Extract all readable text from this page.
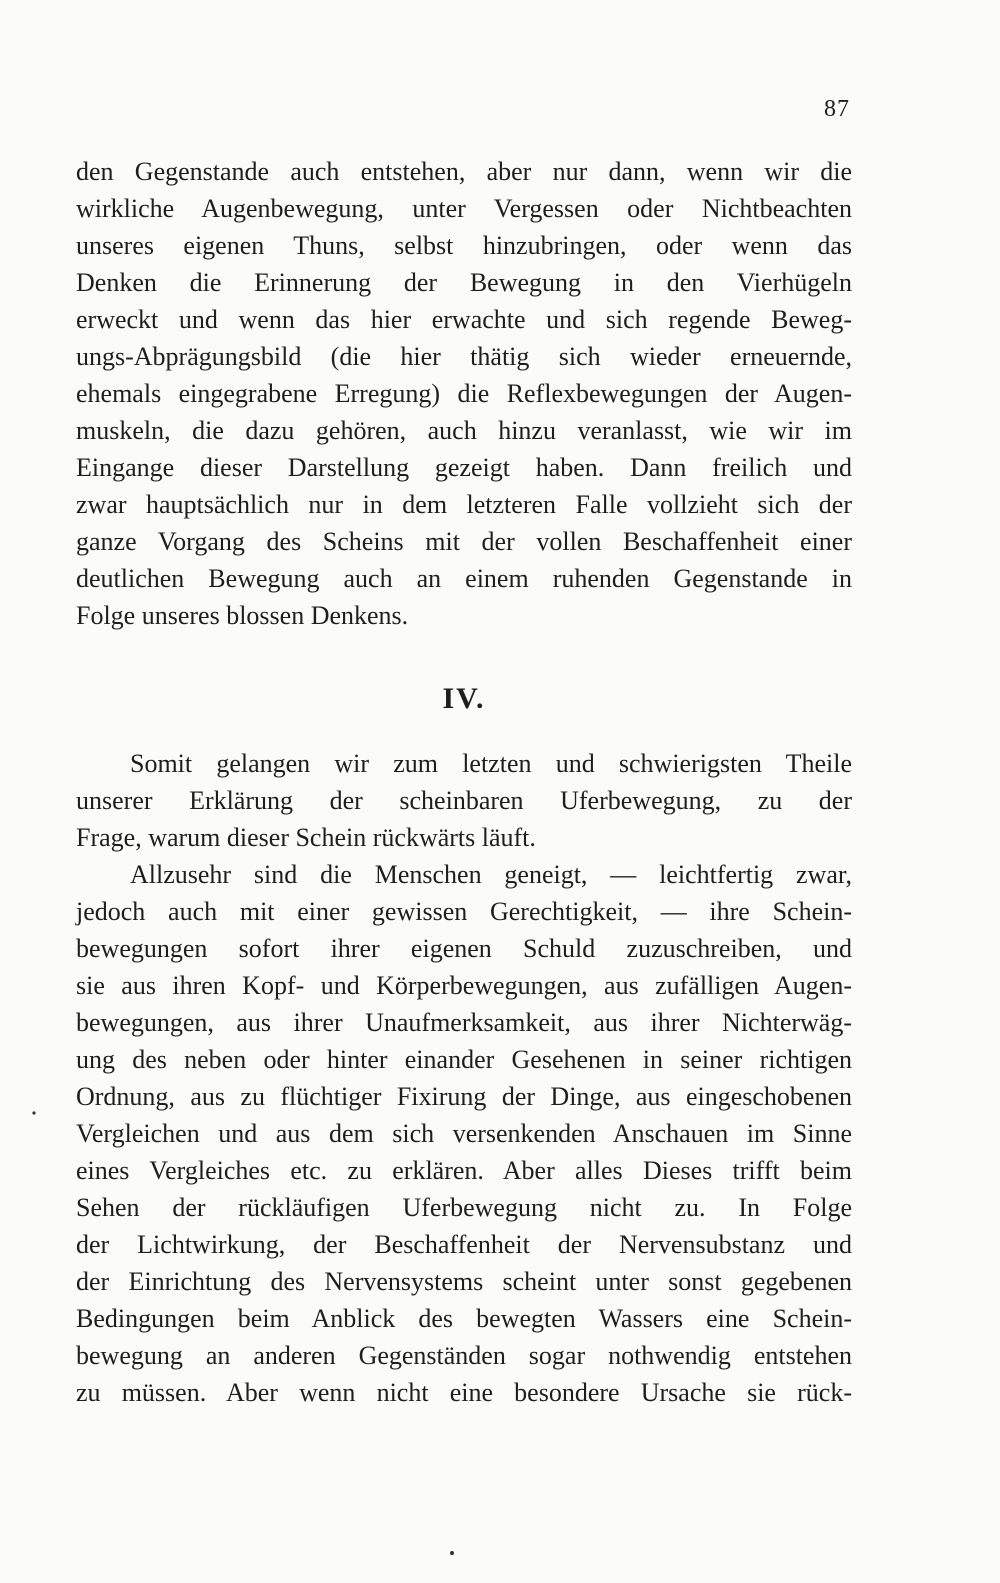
87
den Gegenstande auch entstehen, aber nur dann, wenn wir die
wirkliche Augenbewegung, unter Vergessen oder Nichtbeachten
unseres eigenen Thuns, selbst hinzubringen, oder wenn das
Denken die Erinnerung der Bewegung in den Vierhügeln
erweckt und wenn das hier erwachte und sich regende Beweg-
ungs-Abprägungsbild (die hier thätig sich wieder erneuernde,
ehemals eingegrabene Erregung) die Reflexbewegungen der Augen-
muskeln, die dazu gehören, auch hinzu veranlasst, wie wir im
Eingange dieser Darstellung gezeigt haben. Dann freilich und
zwar hauptsächlich nur in dem letzteren Falle vollzieht sich der
ganze Vorgang des Scheins mit der vollen Beschaffenheit einer
deutlichen Bewegung auch an einem ruhenden Gegenstande in
Folge unseres blossen Denkens.
IV.
Somit gelangen wir zum letzten und schwierigsten Theile
unserer Erklärung der scheinbaren Uferbewegung, zu der
Frage, warum dieser Schein rückwärts läuft.
Allzusehr sind die Menschen geneigt, — leichtfertig zwar,
jedoch auch mit einer gewissen Gerechtigkeit, — ihre Schein-
bewegungen sofort ihrer eigenen Schuld zuzuschreiben, und
sie aus ihren Kopf- und Körperbewegungen, aus zufälligen Augen-
bewegungen, aus ihrer Unaufmerksamkeit, aus ihrer Nichterwäg-
ung des neben oder hinter einander Gesehenen in seiner richtigen
Ordnung, aus zu flüchtiger Fixirung der Dinge, aus eingeschobenen
Vergleichen und aus dem sich versenkenden Anschauen im Sinne
eines Vergleiches etc. zu erklären. Aber alles Dieses trifft beim
Sehen der rückläufigen Uferbewegung nicht zu. In Folge
der Lichtwirkung, der Beschaffenheit der Nervensubstanz und
der Einrichtung des Nervensystems scheint unter sonst gegebenen
Bedingungen beim Anblick des bewegten Wassers eine Schein-
bewegung an anderen Gegenständen sogar nothwendig entstehen
zu müssen. Aber wenn nicht eine besondere Ursache sie rück-
